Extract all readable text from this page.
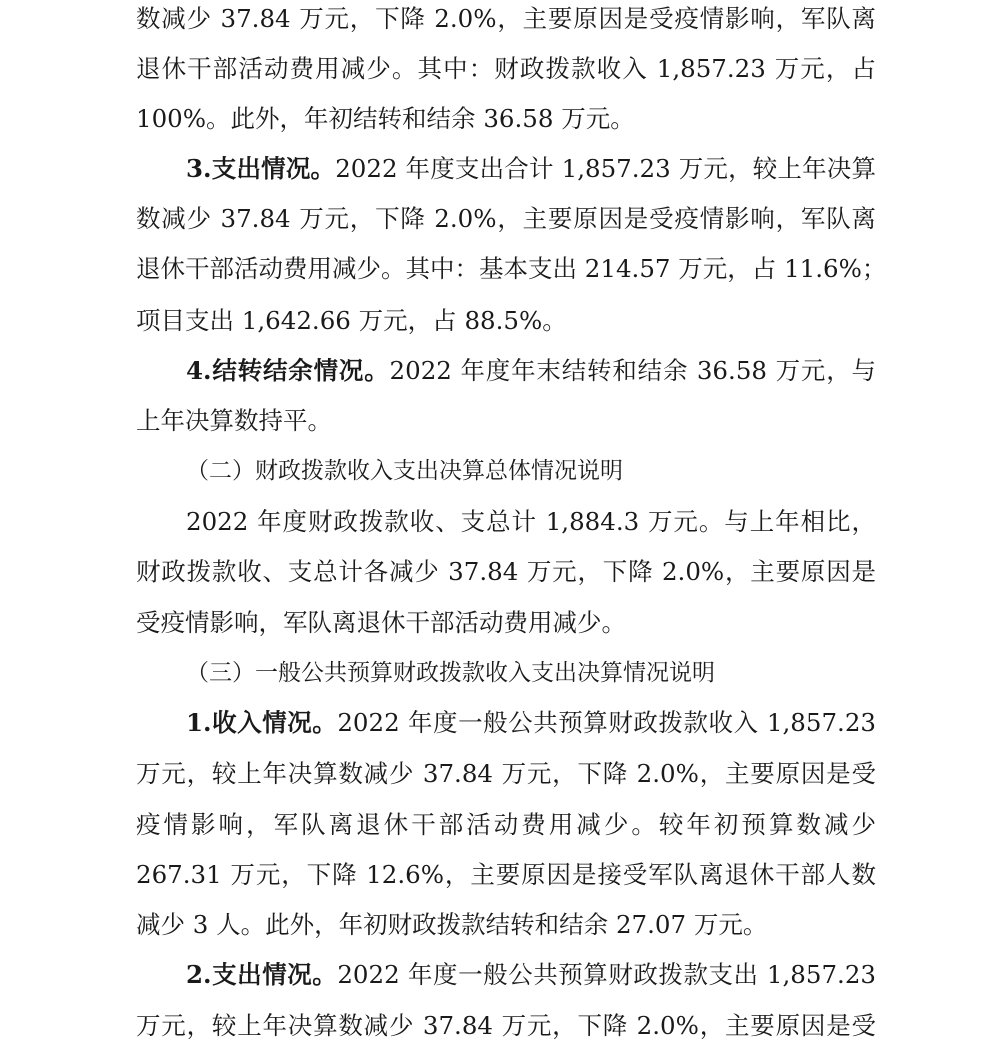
数减少 37.84 万元，下降 2.0%，主要原因是受疫情影响，军队离
退休干部活动费用减少。其中：财政拨款收入 1,857.23 万元，占
100%。此外，年初结转和结余 36.58 万元。
3.支出情况。2022 年度支出合计 1,857.23 万元，较上年决算
数减少 37.84 万元，下降 2.0%，主要原因是受疫情影响，军队离
退休干部活动费用减少。其中：基本支出 214.57 万元，占 11.6%；
项目支出 1,642.66 万元，占 88.5%。
4.结转结余情况。2022 年度年末结转和结余 36.58 万元，与
上年决算数持平。
（二）财政拨款收入支出决算总体情况说明
2022 年度财政拨款收、支总计 1,884.3 万元。与上年相比，
财政拨款收、支总计各减少 37.84 万元，下降 2.0%，主要原因是
受疫情影响，军队离退休干部活动费用减少。
（三）一般公共预算财政拨款收入支出决算情况说明
1.收入情况。2022 年度一般公共预算财政拨款收入 1,857.23
万元，较上年决算数减少 37.84 万元，下降 2.0%，主要原因是受
疫情影响，军队离退休干部活动费用减少。较年初预算数减少
267.31 万元，下降 12.6%，主要原因是接受军队离退休干部人数
减少 3 人。此外，年初财政拨款结转和结余 27.07 万元。
2.支出情况。2022 年度一般公共预算财政拨款支出 1,857.23
万元，较上年决算数减少 37.84 万元，下降 2.0%，主要原因是受
